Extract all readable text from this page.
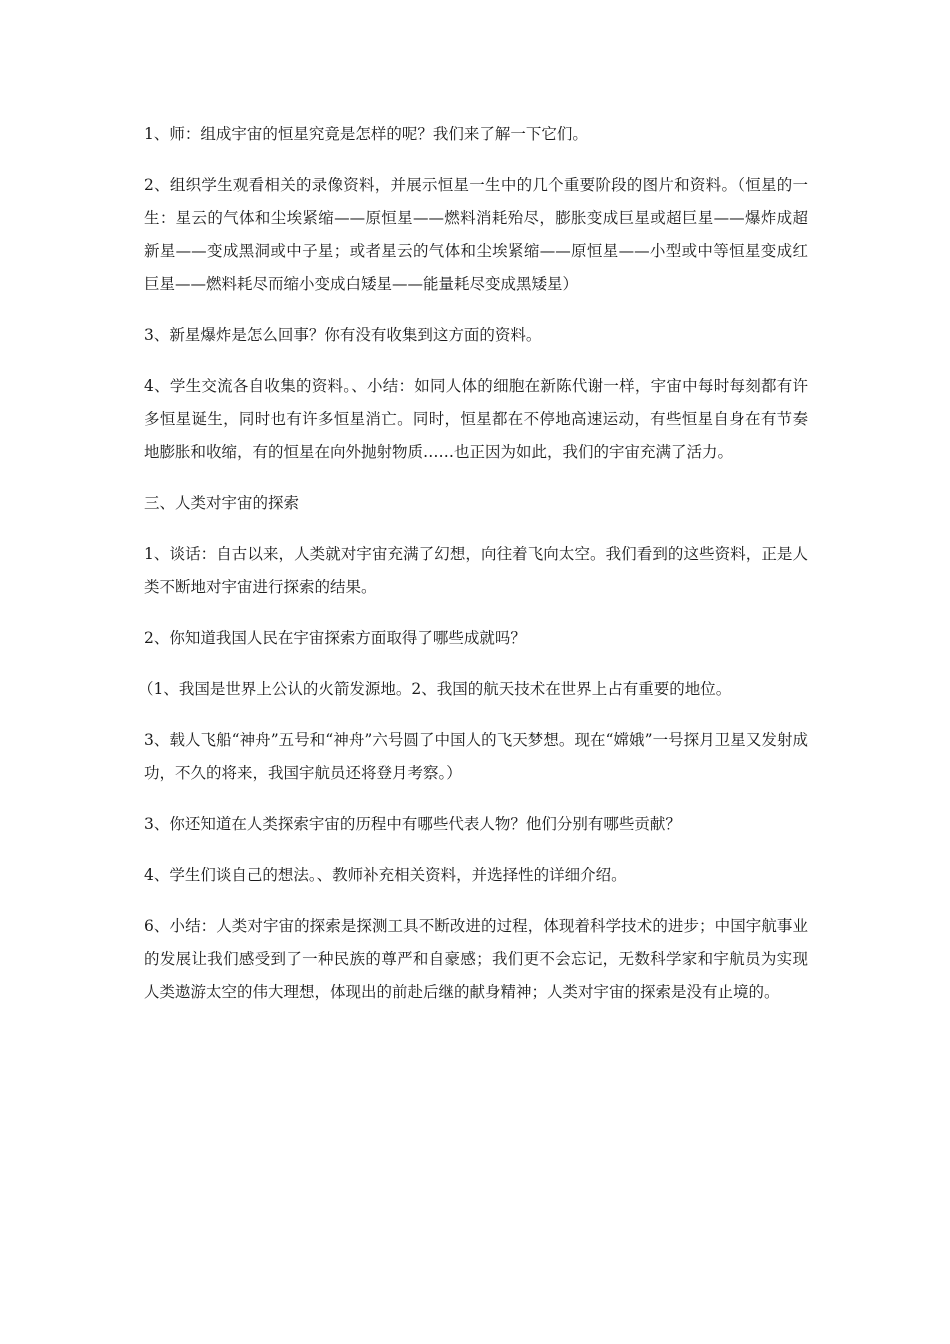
1、师：组成宇宙的恒星究竟是怎样的呢？我们来了解一下它们。

2、组织学生观看相关的录像资料，并展示恒星一生中的几个重要阶段的图片和资料。（恒星的一生：星云的气体和尘埃紧缩——原恒星——燃料消耗殆尽，膨胀变成巨星或超巨星——爆炸成超新星——变成黑洞或中子星；或者星云的气体和尘埃紧缩——原恒星——小型或中等恒星变成红巨星——燃料耗尽而缩小变成白矮星——能量耗尽变成黑矮星）

3、新星爆炸是怎么回事？你有没有收集到这方面的资料。

4、学生交流各自收集的资料。、小结：如同人体的细胞在新陈代谢一样，宇宙中每时每刻都有许多恒星诞生，同时也有许多恒星消亡。同时，恒星都在不停地高速运动，有些恒星自身在有节奏地膨胀和收缩，有的恒星在向外抛射物质……也正因为如此，我们的宇宙充满了活力。

三、人类对宇宙的探索

1、谈话：自古以来，人类就对宇宙充满了幻想，向往着飞向太空。我们看到的这些资料，正是人类不断地对宇宙进行探索的结果。

2、你知道我国人民在宇宙探索方面取得了哪些成就吗？

（1、我国是世界上公认的火箭发源地。2、我国的航天技术在世界上占有重要的地位。

3、载人飞船“神舟”五号和“神舟”六号圆了中国人的飞天梦想。现在“嫦娥”一号探月卫星又发射成功，不久的将来，我国宇航员还将登月考察。）

3、你还知道在人类探索宇宙的历程中有哪些代表人物？他们分别有哪些贡献？

4、学生们谈自己的想法。、教师补充相关资料，并选择性的详细介绍。

6、小结：人类对宇宙的探索是探测工具不断改进的过程，体现着科学技术的进步；中国宇航事业的发展让我们感受到了一种民族的尊严和自豪感；我们更不会忘记，无数科学家和宇航员为实现人类遨游太空的伟大理想，体现出的前赴后继的献身精神；人类对宇宙的探索是没有止境的。
